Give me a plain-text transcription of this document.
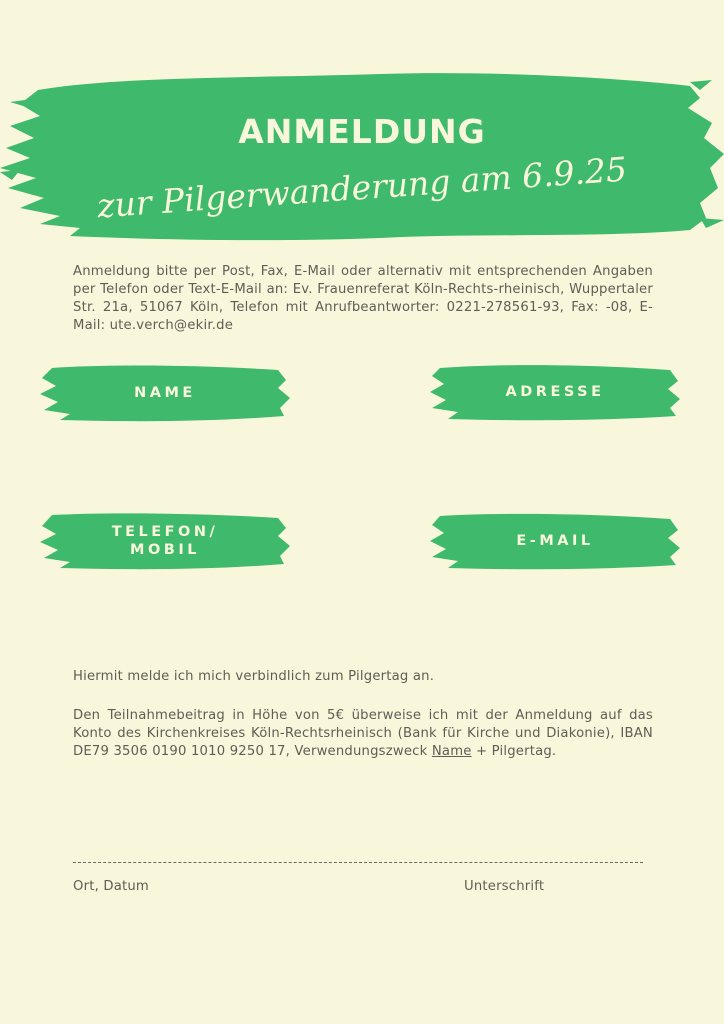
ANMELDUNG
zur Pilgerwanderung am 6.9.25
Anmeldung bitte per Post, Fax, E-Mail oder alternativ mit entsprechenden Angaben per Telefon oder Text-E-Mail an: Ev. Frauenreferat Köln-Rechts-rheinisch, Wuppertaler Str. 21a, 51067 Köln, Telefon mit Anrufbeantworter: 0221-278561-93, Fax: -08, E-Mail: ute.verch@ekir.de
NAME	ADRESSE
TELEFON/
MOBIL
E-MAIL
Hiermit melde ich mich verbindlich zum Pilgertag an.
Den Teilnahmebeitrag in Höhe von 5€ überweise ich mit der Anmeldung auf das Konto des Kirchenkreises Köln-Rechtsrheinisch (Bank für Kirche und Diakonie), IBAN DE79 3506 0190 1010 9250 17, Verwendungszweck Name + Pilgertag.
Ort, Datum	Unterschrift
